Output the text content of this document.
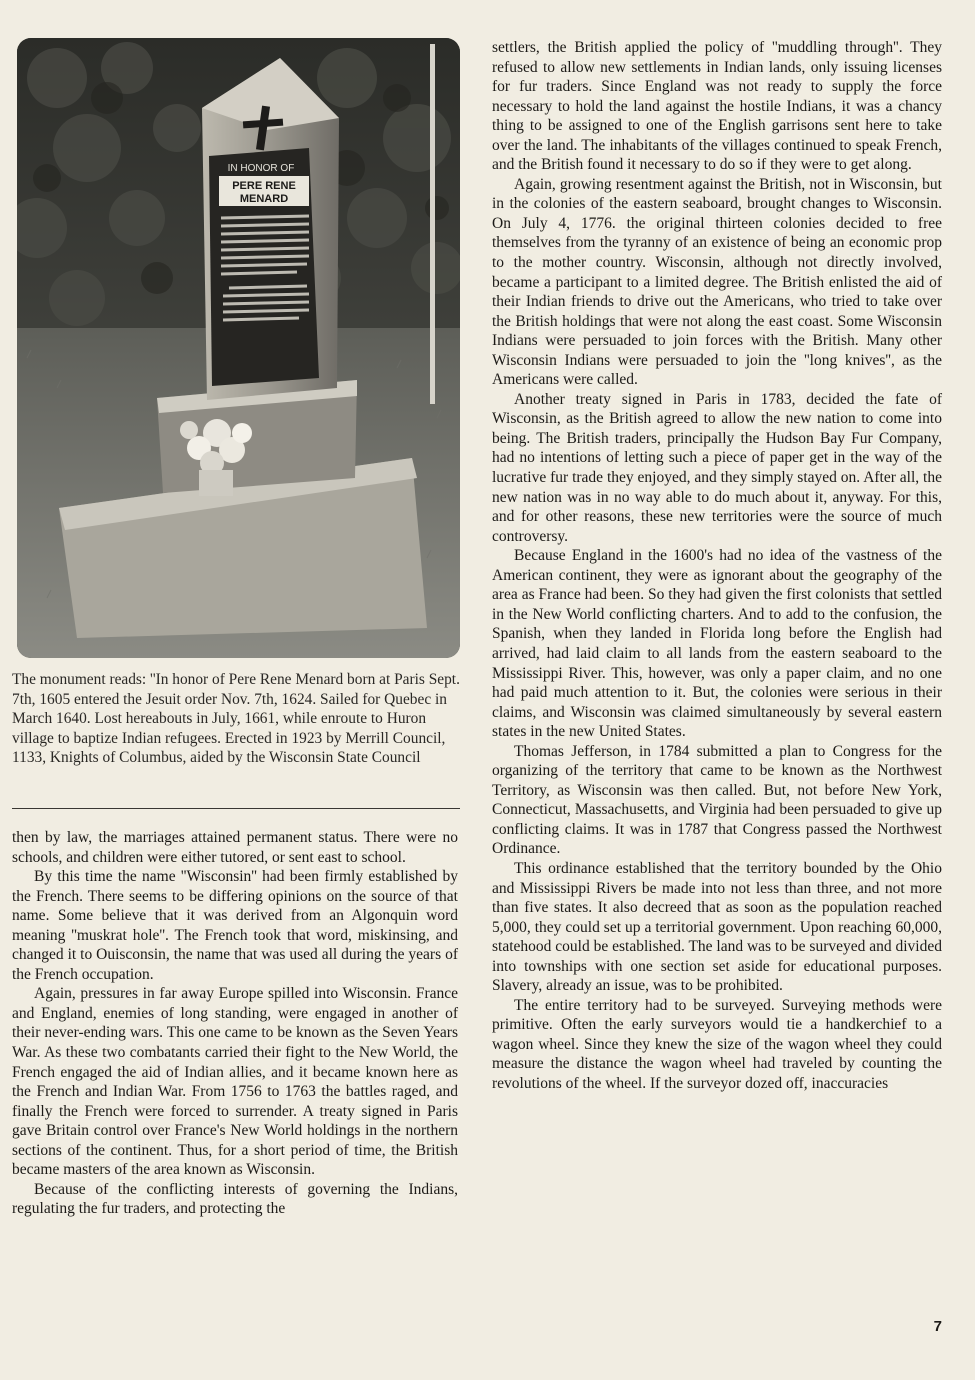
IN HONOR OF
PERE RENE
MENARD

The monument reads: ''In honor of Pere Rene Menard born at Paris Sept. 7th, 1605 entered the Jesuit order Nov. 7th, 1624. Sailed for Quebec in March 1640. Lost hereabouts in July, 1661, while enroute to Huron village to baptize Indian refugees. Erected in 1923 by Merrill Council, 1133, Knights of Columbus, aided by the Wisconsin State Council

then by law, the marriages attained permanent status. There were no schools, and children were either tutored, or sent east to school.

By this time the name ''Wisconsin'' had been firmly established by the French. There seems to be differing opinions on the source of that name. Some believe that it was derived from an Algonquin word meaning ''muskrat hole''. The French took that word, miskinsing, and changed it to Ouisconsin, the name that was used all during the years of the French occupation.

Again, pressures in far away Europe spilled into Wisconsin. France and England, enemies of long standing, were engaged in another of their never-ending wars. This one came to be known as the Seven Years War. As these two combatants carried their fight to the New World, the French engaged the aid of Indian allies, and it became known here as the French and Indian War. From 1756 to 1763 the battles raged, and finally the French were forced to surrender. A treaty signed in Paris gave Britain control over France's New World holdings in the northern sections of the continent. Thus, for a short period of time, the British became masters of the area known as Wisconsin.

Because of the conflicting interests of governing the Indians, regulating the fur traders, and protecting the

settlers, the British applied the policy of ''muddling through''. They refused to allow new settlements in Indian lands, only issuing licenses for fur traders. Since England was not ready to supply the force necessary to hold the land against the hostile Indians, it was a chancy thing to be assigned to one of the English garrisons sent here to take over the land. The inhabitants of the villages continued to speak French, and the British found it necessary to do so if they were to get along.

Again, growing resentment against the British, not in Wisconsin, but in the colonies of the eastern seaboard, brought changes to Wisconsin. On July 4, 1776. the original thirteen colonies decided to free themselves from the tyranny of an existence of being an economic prop to the mother country. Wisconsin, although not directly involved, became a participant to a limited degree. The British enlisted the aid of their Indian friends to drive out the Americans, who tried to take over the British holdings that were not along the east coast. Some Wisconsin Indians were persuaded to join forces with the British. Many other Wisconsin Indians were persuaded to join the ''long knives'', as the Americans were called.

Another treaty signed in Paris in 1783, decided the fate of Wisconsin, as the British agreed to allow the new nation to come into being. The British traders, principally the Hudson Bay Fur Company, had no intentions of letting such a piece of paper get in the way of the lucrative fur trade they enjoyed, and they simply stayed on. After all, the new nation was in no way able to do much about it, anyway. For this, and for other reasons, these new territories were the source of much controversy.

Because England in the 1600's had no idea of the vastness of the American continent, they were as ignorant about the geography of the area as France had been. So they had given the first colonists that settled in the New World conflicting charters. And to add to the confusion, the Spanish, when they landed in Florida long before the English had arrived, had laid claim to all lands from the eastern seaboard to the Mississippi River. This, however, was only a paper claim, and no one had paid much attention to it. But, the colonies were serious in their claims, and Wisconsin was claimed simultaneously by several eastern states in the new United States.

Thomas Jefferson, in 1784 submitted a plan to Congress for the organizing of the territory that came to be known as the Northwest Territory, as Wisconsin was then called. But, not before New York, Connecticut, Massachusetts, and Virginia had been persuaded to give up conflicting claims. It was in 1787 that Congress passed the Northwest Ordinance.

This ordinance established that the territory bounded by the Ohio and Mississippi Rivers be made into not less than three, and not more than five states. It also decreed that as soon as the population reached 5,000, they could set up a territorial government. Upon reaching 60,000, statehood could be established. The land was to be surveyed and divided into townships with one section set aside for educational purposes. Slavery, already an issue, was to be prohibited.

The entire territory had to be surveyed. Surveying methods were primitive. Often the early surveyors would tie a handkerchief to a wagon wheel. Since they knew the size of the wagon wheel they could measure the distance the wagon wheel had traveled by counting the revolutions of the wheel. If the surveyor dozed off, inaccuracies

7
